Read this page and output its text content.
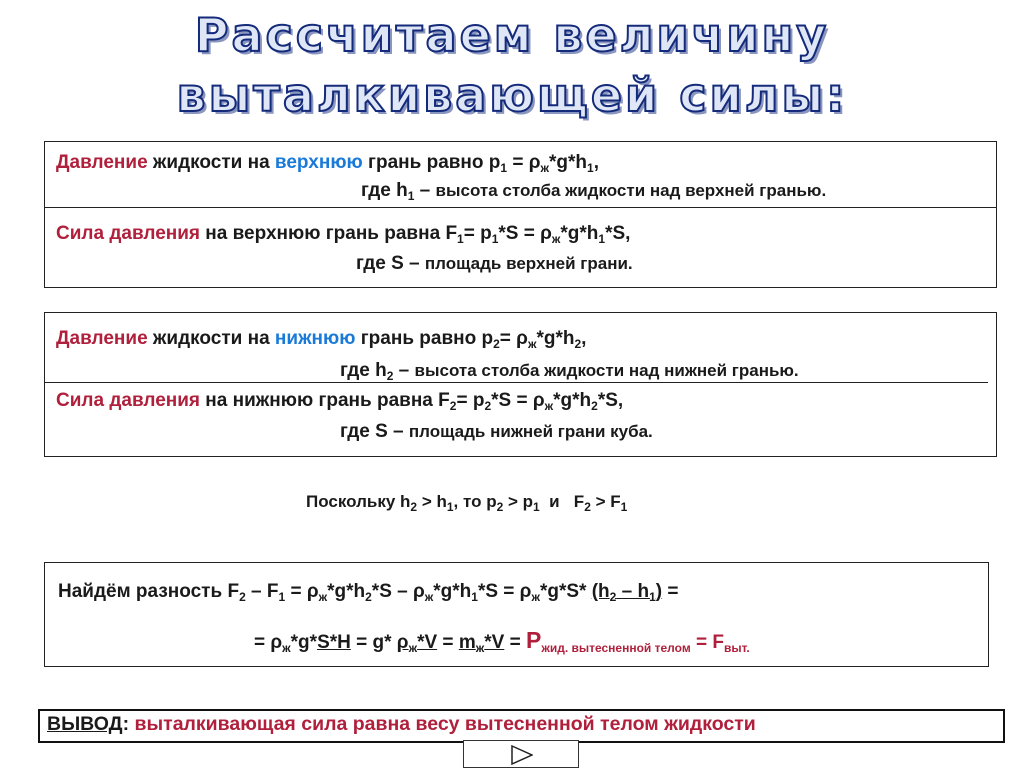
Рассчитаем величину
выталкивающей силы:
Давление жидкости на верхнюю грань равно $p_1 = \rho_ж*g*h_1$,
где $h_1$ – высота столба жидкости над верхней гранью.
Сила давления на верхнюю грань равна $F_1= p_1*S = \rho_ж*g*h_1*S$,
где S – площадь верхней грани.
Давление жидкости на нижнюю грань равно $p_2= \rho_ж*g*h_2$,
где $h_2$ – высота столба жидкости над нижней гранью.
Сила давления на нижнюю грань равна $F_2= p_2*S = \rho_ж*g*h_2*S$,
где S – площадь нижней грани куба.
Поскольку $h_2 > h_1$, то $p_2 > p_1$  и   $F_2 > F_1$
Найдём разность $F_2 - F_1 = \rho_ж*g*h_2*S - \rho_ж*g*h_1*S = \rho_ж*g*S*$ $(h_2 - h_1)$ =
= $\rho_ж*g*S*H = g*$ $\rho_ж*V = m_ж*V = P_{жид. вытесненной телом} = F_{выт.}$
ВЫВОД: выталкивающая сила равна весу вытесненной телом жидкости
